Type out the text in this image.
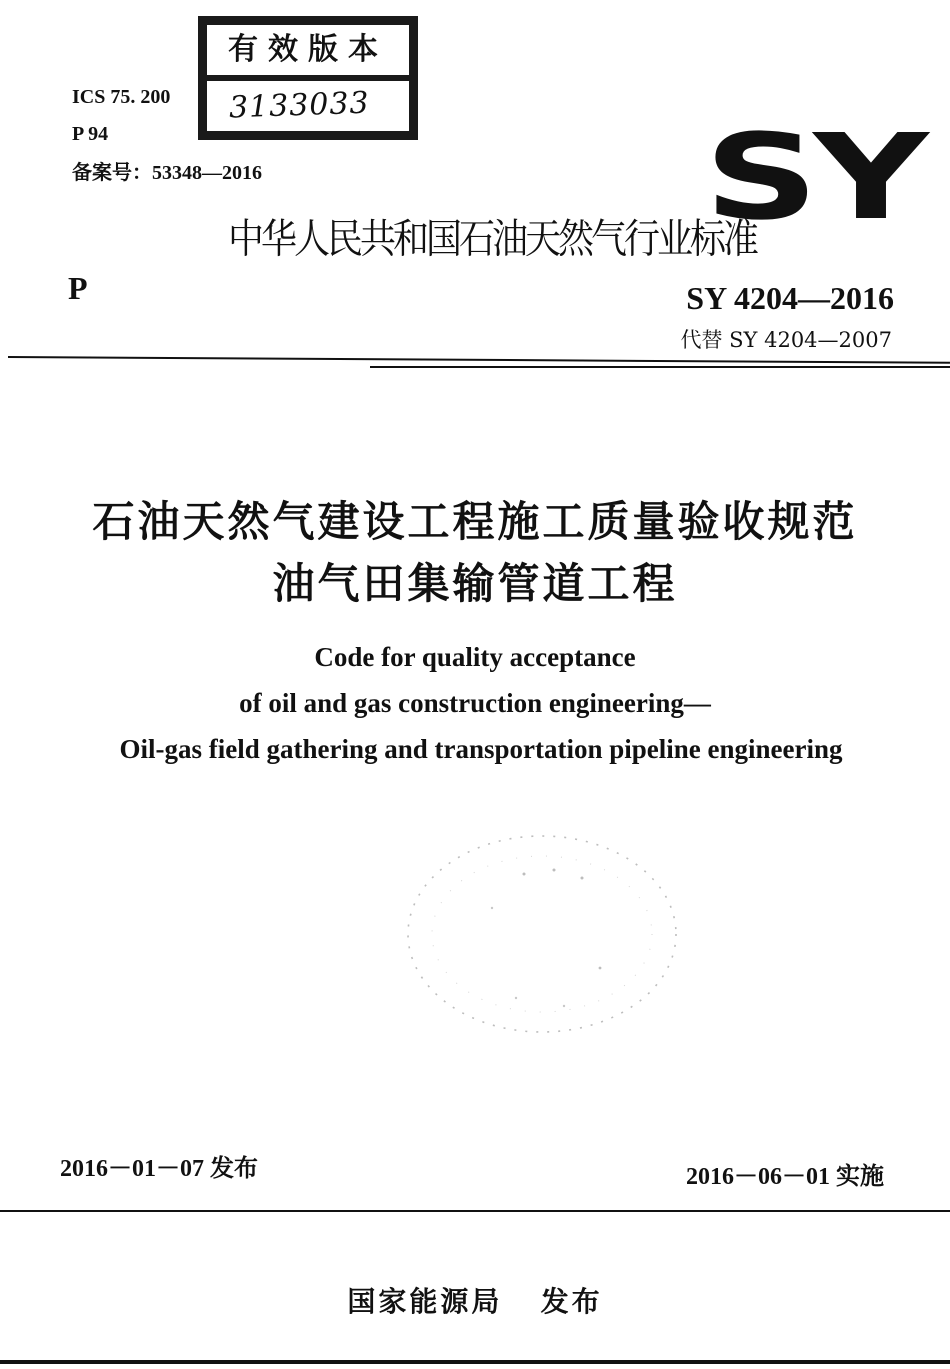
ICS 75. 200
P 94
备案号：53348—2016
有效版本
3133033
SY
中华人民共和国石油天然气行业标准
P	SY 4204—2016
代替 SY 4204—2007
石油天然气建设工程施工质量验收规范
油气田集输管道工程
Code for quality acceptance
of oil and gas construction engineering—
Oil-gas field gathering and transportation pipeline engineering
2016－01－07 发布	2016－06－01 实施
国家能源局   发布
